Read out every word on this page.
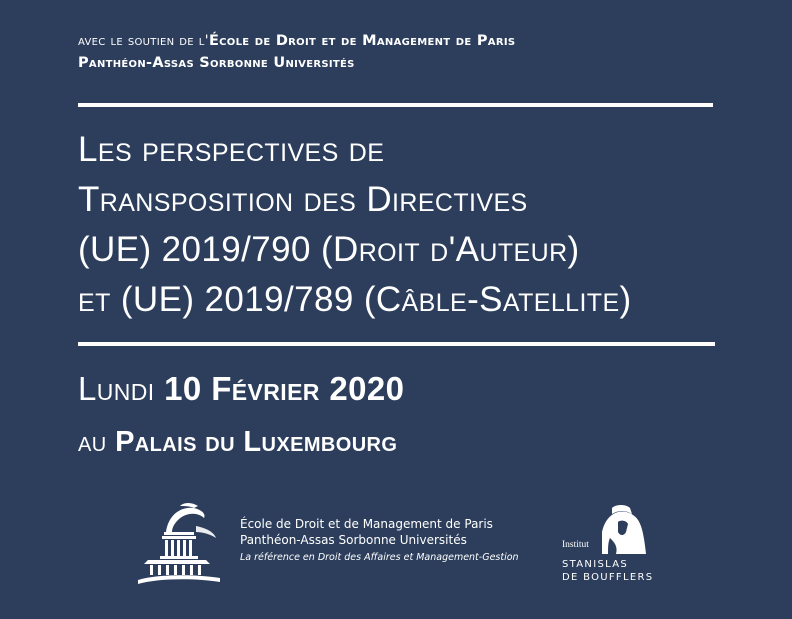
avec le soutien de l'École de Droit et de Management de Paris
Panthéon-Assas Sorbonne Universités
Les perspectives de
Transposition des Directives
(UE) 2019/790 (Droit d'Auteur)
et (UE) 2019/789 (Câble-Satellite)
Lundi 10 Février 2020
au Palais du Luxembourg
École de Droit et de Management de Paris
Panthéon-Assas Sorbonne Universités
La référence en Droit des Affaires et Management-Gestion
Institut
STANISLAS
DE BOUFFLERS
